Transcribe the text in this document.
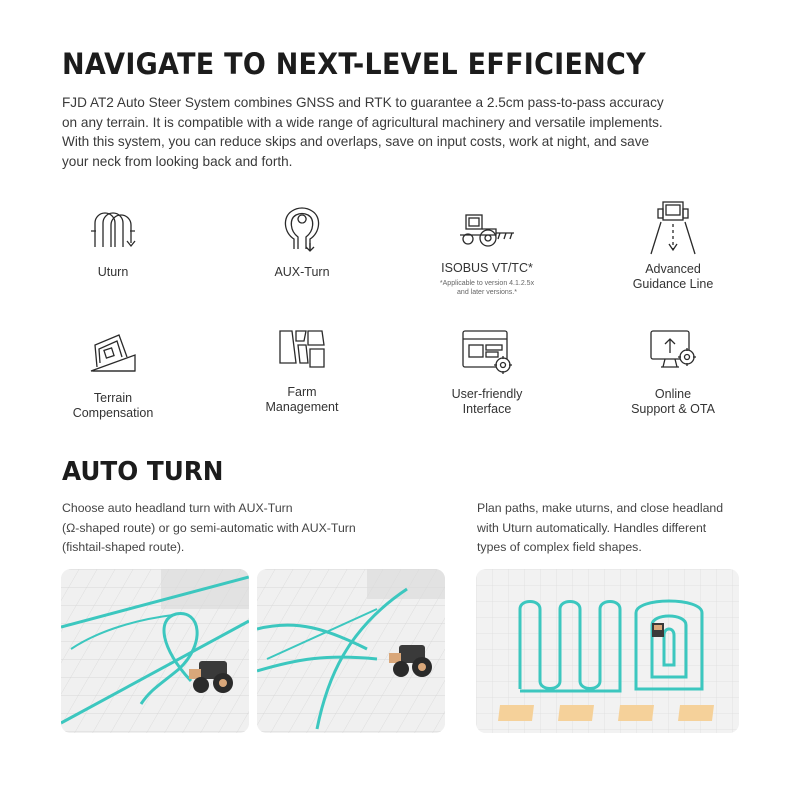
NAVIGATE TO NEXT-LEVEL EFFICIENCY
FJD AT2 Auto Steer System combines GNSS and RTK to guarantee a 2.5cm pass-to-pass accuracy
on any terrain. It is compatible with a wide range of agricultural machinery and versatile implements.
With this system, you can reduce skips and overlaps, save on input costs, work at night, and save
your neck from looking back and forth.
Uturn	AUX-Turn	ISOBUS VT/TC*
*Applicable to version 4.1.2.5x
and later versions.*
Advanced
Guidance Line
Terrain
Compensation
Farm
Management
User-friendly
Interface
Online
Support & OTA
AUTO TURN
Choose auto headland turn with AUX-Turn
(Ω-shaped route) or go semi-automatic with AUX-Turn
(fishtail-shaped route).
Plan paths, make uturns, and close headland
with Uturn automatically. Handles different
types of complex field shapes.
